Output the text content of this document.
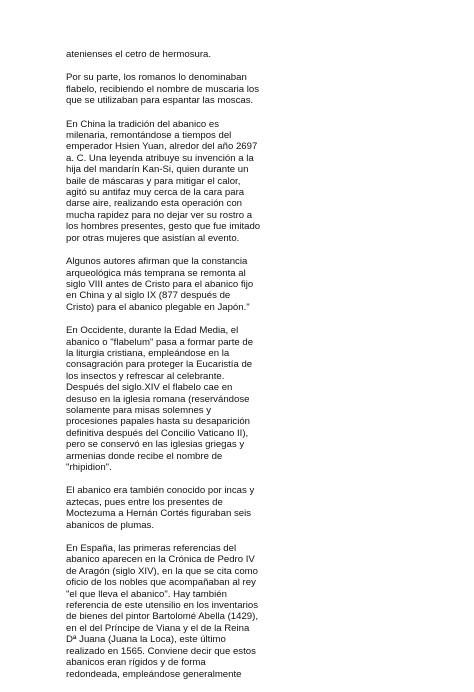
atenienses el cetro de hermosura.

Por su parte, los romanos lo denominaban
flabelo, recibiendo el nombre de muscaria los
que se utilizaban para espantar las moscas.

En China la tradición del abanico es
milenaria, remontándose a tiempos del
emperador Hsien Yuan, alredor del año 2697
a. C. Una leyenda atribuye su invención a la
hija del mandarín Kan-Si, quien durante un
baile de máscaras y para mitigar el calor,
agitó su antifaz muy cerca de la cara para
darse aire, realizando esta operación con
mucha rapidez para no dejar ver su rostro a
los hombres presentes, gesto que fue imitado
por otras mujeres que asistían al evento.

Algunos autores afirman que la constancia
arqueológica más temprana se remonta al
siglo VIII antes de Cristo para el abanico fijo
en China y al siglo IX (877 después de
Cristo) para el abanico plegable en Japón."

En Occidente, durante la Edad Media, el
abanico o "flabelum" pasa a formar parte de
la liturgia cristiana, empleándose en la
consagración para proteger la Eucaristía de
los insectos y refrescar al celebrante.
Después del siglo.XIV el flabelo cae en
desuso en la iglesia romana (reservándose
solamente para misas solemnes y
procesiones papales hasta su desaparición
definitiva después del Concilio Vaticano II),
pero se conservó en las iglesias griegas y
armenias donde recibe el nombre de
"rhipidion".

El abanico era también conocido por incas y
aztecas, pues entre los presentes de
Moctezuma a Hernán Cortés figuraban seis
abanicos de plumas.

En España, las primeras referencias del
abanico aparecen en la Crónica de Pedro IV
de Aragón (siglo XIV), en la que se cita como
oficio de los nobles que acompañaban al rey
"el que lleva el abanico". Hay también
referencia de este utensilio en los inventarios
de bienes del pintor Bartolomé Abella (1429),
en el del Príncipe de Viana y el de la Reina
Dª Juana (Juana la Loca), este último
realizado en 1565. Conviene decir que estos
abanicos eran rígidos y de forma
redondeada, empleándose generalmente
